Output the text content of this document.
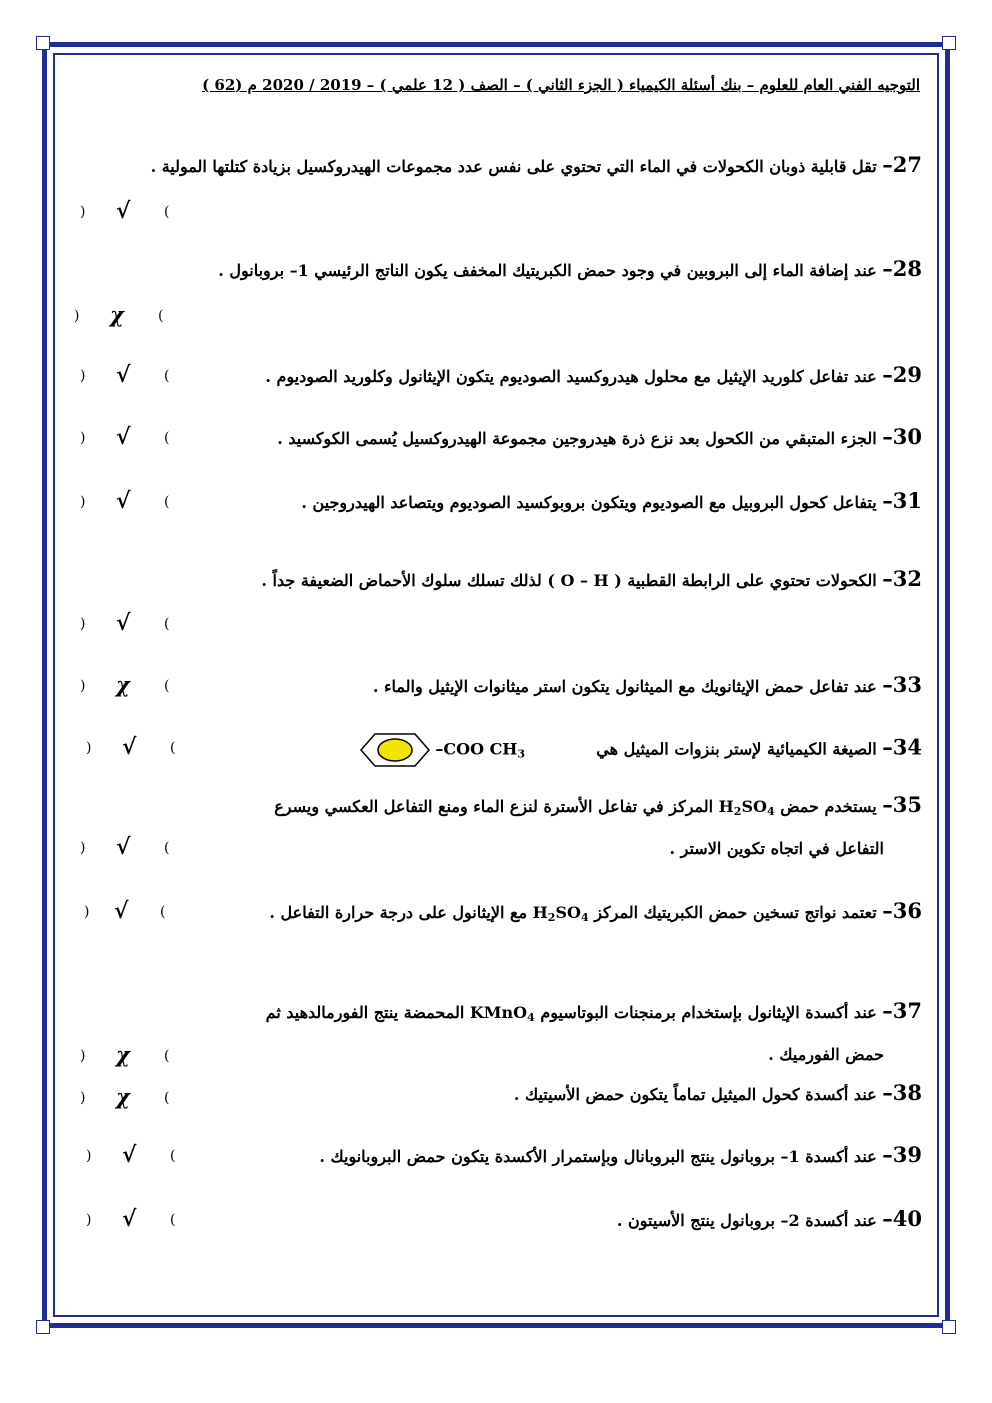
التوجيه الفني العام للعلوم – بنك أسئلة الكيمياء ( الجزء الثاني ) – الصف ( 12 علمي ) – 2019 / 2020 م (62 )
27– تقل قابلية ذوبان الكحولات في الماء التي تحتوي على نفس عدد مجموعات الهيدروكسيل بزيادة كتلتها المولية .
) √ (
28– عند إضافة الماء إلى البروبين في وجود حمض الكبريتيك المخفف يكون الناتج الرئيسي 1– بروبانول .
) χ (
29– عند تفاعل كلوريد الإيثيل مع محلول هيدروكسيد الصوديوم يتكون الإيثانول وكلوريد الصوديوم .
) √ (
30– الجزء المتبقي من الكحول بعد نزع ذرة هيدروجين مجموعة الهيدروكسيل يُسمى الكوكسيد .
) √ (
31– يتفاعل كحول البروبيل مع الصوديوم ويتكون بروبوكسيد الصوديوم ويتصاعد الهيدروجين .
) √ (
32– الكحولات تحتوي على الرابطة القطبية ( O – H ) لذلك تسلك سلوك الأحماض الضعيفة جداً .
) √ (
33– عند تفاعل حمض الإيثانويك مع الميثانول يتكون استر ميثانوات الإيثيل والماء .
) χ (
34– الصيغة الكيميائية لإستر بنزوات الميثيل هي  –COO $CH_3$
) √ (
35– يستخدم حمض $H_2SO_4$ المركز في تفاعل الأسترة لنزع الماء ومنع التفاعل العكسي ويسرع
التفاعل في اتجاه تكوين الاستر .
) √ (
36– تعتمد نواتج تسخين حمض الكبريتيك المركز $H_2SO_4$ مع الإيثانول على درجة حرارة التفاعل .
) √ (
37– عند أكسدة الإيثانول بإستخدام برمنجنات البوتاسيوم KMnO$_4$ المحمضة ينتج الفورمالدهيد ثم
حمض الفورميك .
) χ (
38– عند أكسدة كحول الميثيل تماماً يتكون حمض الأسيتيك .
) χ (
39– عند أكسدة 1– بروبانول ينتج البروبانال وبإستمرار الأكسدة يتكون حمض البروبانويك .
) √ (
40– عند أكسدة 2– بروبانول ينتج الأسيتون .
) √ (
